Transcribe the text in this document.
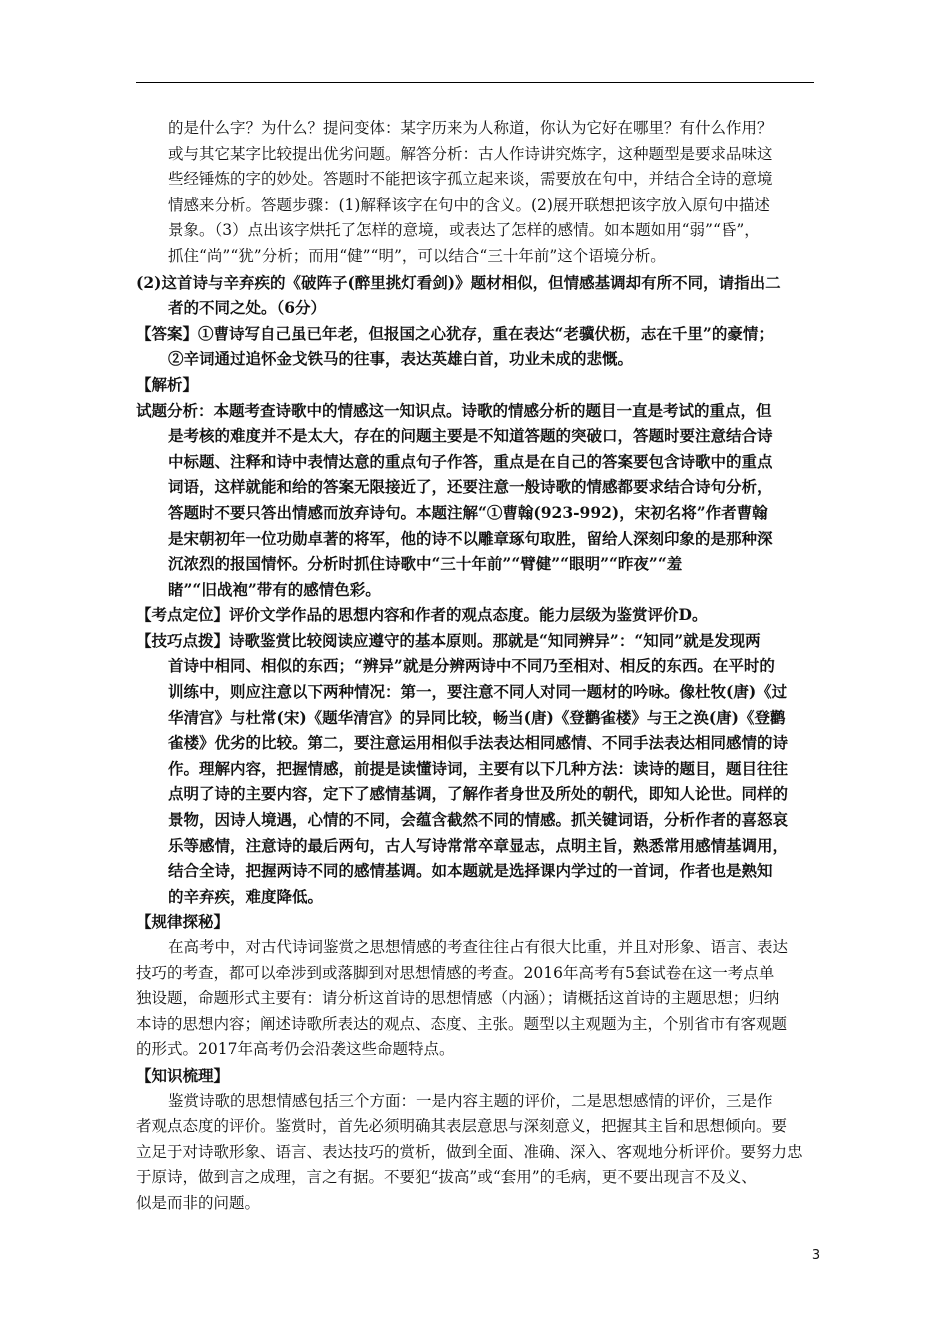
的是什么字？为什么？提问变体：某字历来为人称道，你认为它好在哪里？有什么作用？
或与其它某字比较提出优劣问题。解答分析：古人作诗讲究炼字，这种题型是要求品味这
些经锤炼的字的妙处。答题时不能把该字孤立起来谈，需要放在句中，并结合全诗的意境
情感来分析。答题步骤：(1)解释该字在句中的含义。(2)展开联想把该字放入原句中描述
景象。（3）点出该字烘托了怎样的意境，或表达了怎样的感情。如本题如用“弱”“昏”，
抓住“尚”“犹”分析；而用“健”“明”，可以结合“三十年前”这个语境分析。
(2)这首诗与辛弃疾的《破阵子(醉里挑灯看剑)》题材相似，但情感基调却有所不同，请指出二
者的不同之处。（6分）
【答案】①曹诗写自己虽已年老，但报国之心犹存，重在表达“老骥伏枥，志在千里”的豪情；
②辛词通过追怀金戈铁马的往事，表达英雄白首，功业未成的悲慨。
【解析】
试题分析：本题考查诗歌中的情感这一知识点。诗歌的情感分析的题目一直是考试的重点，但
是考核的难度并不是太大，存在的问题主要是不知道答题的突破口，答题时要注意结合诗
中标题、注释和诗中表情达意的重点句子作答，重点是在自己的答案要包含诗歌中的重点
词语，这样就能和给的答案无限接近了，还要注意一般诗歌的情感都要求结合诗句分析，
答题时不要只答出情感而放弃诗句。本题注解“①曹翰(923-992)，宋初名将”作者曹翰
是宋朝初年一位功勋卓著的将军，他的诗不以雕章琢句取胜，留给人深刻印象的是那种深
沉浓烈的报国情怀。分析时抓住诗歌中“三十年前”“臂健”“眼明”“昨夜”“羞
睹”“旧战袍”带有的感情色彩。
【考点定位】评价文学作品的思想内容和作者的观点态度。能力层级为鉴赏评价D。
【技巧点拨】诗歌鉴赏比较阅读应遵守的基本原则。那就是“知同辨异”：“知同”就是发现两
首诗中相同、相似的东西；“辨异”就是分辨两诗中不同乃至相对、相反的东西。在平时的
训练中，则应注意以下两种情况：第一，要注意不同人对同一题材的吟咏。像杜牧(唐)《过
华清宫》与杜常(宋)《题华清宫》的异同比较，畅当(唐)《登鹳雀楼》与王之涣(唐)《登鹳
雀楼》优劣的比较。第二，要注意运用相似手法表达相同感情、不同手法表达相同感情的诗
作。理解内容，把握情感，前提是读懂诗词，主要有以下几种方法：读诗的题目，题目往往
点明了诗的主要内容，定下了感情基调，了解作者身世及所处的朝代，即知人论世。同样的
景物，因诗人境遇，心情的不同，会蕴含截然不同的情感。抓关键词语，分析作者的喜怒哀
乐等感情，注意诗的最后两句，古人写诗常常卒章显志，点明主旨，熟悉常用感情基调用，
结合全诗，把握两诗不同的感情基调。如本题就是选择课内学过的一首词，作者也是熟知
的辛弃疾，难度降低。
【规律探秘】
在高考中，对古代诗词鉴赏之思想情感的考查往往占有很大比重，并且对形象、语言、表达
技巧的考查，都可以牵涉到或落脚到对思想情感的考查。2016年高考有5套试卷在这一考点单
独设题，命题形式主要有：请分析这首诗的思想情感（内涵）；请概括这首诗的主题思想；归纳
本诗的思想内容；阐述诗歌所表达的观点、态度、主张。题型以主观题为主，个别省市有客观题
的形式。2017年高考仍会沿袭这些命题特点。
【知识梳理】
鉴赏诗歌的思想情感包括三个方面：一是内容主题的评价，二是思想感情的评价，三是作
者观点态度的评价。鉴赏时，首先必须明确其表层意思与深刻意义，把握其主旨和思想倾向。要
立足于对诗歌形象、语言、表达技巧的赏析，做到全面、准确、深入、客观地分析评价。要努力忠
于原诗，做到言之成理，言之有据。不要犯“拔高”或“套用”的毛病，更不要出现言不及义、
似是而非的问题。
3
